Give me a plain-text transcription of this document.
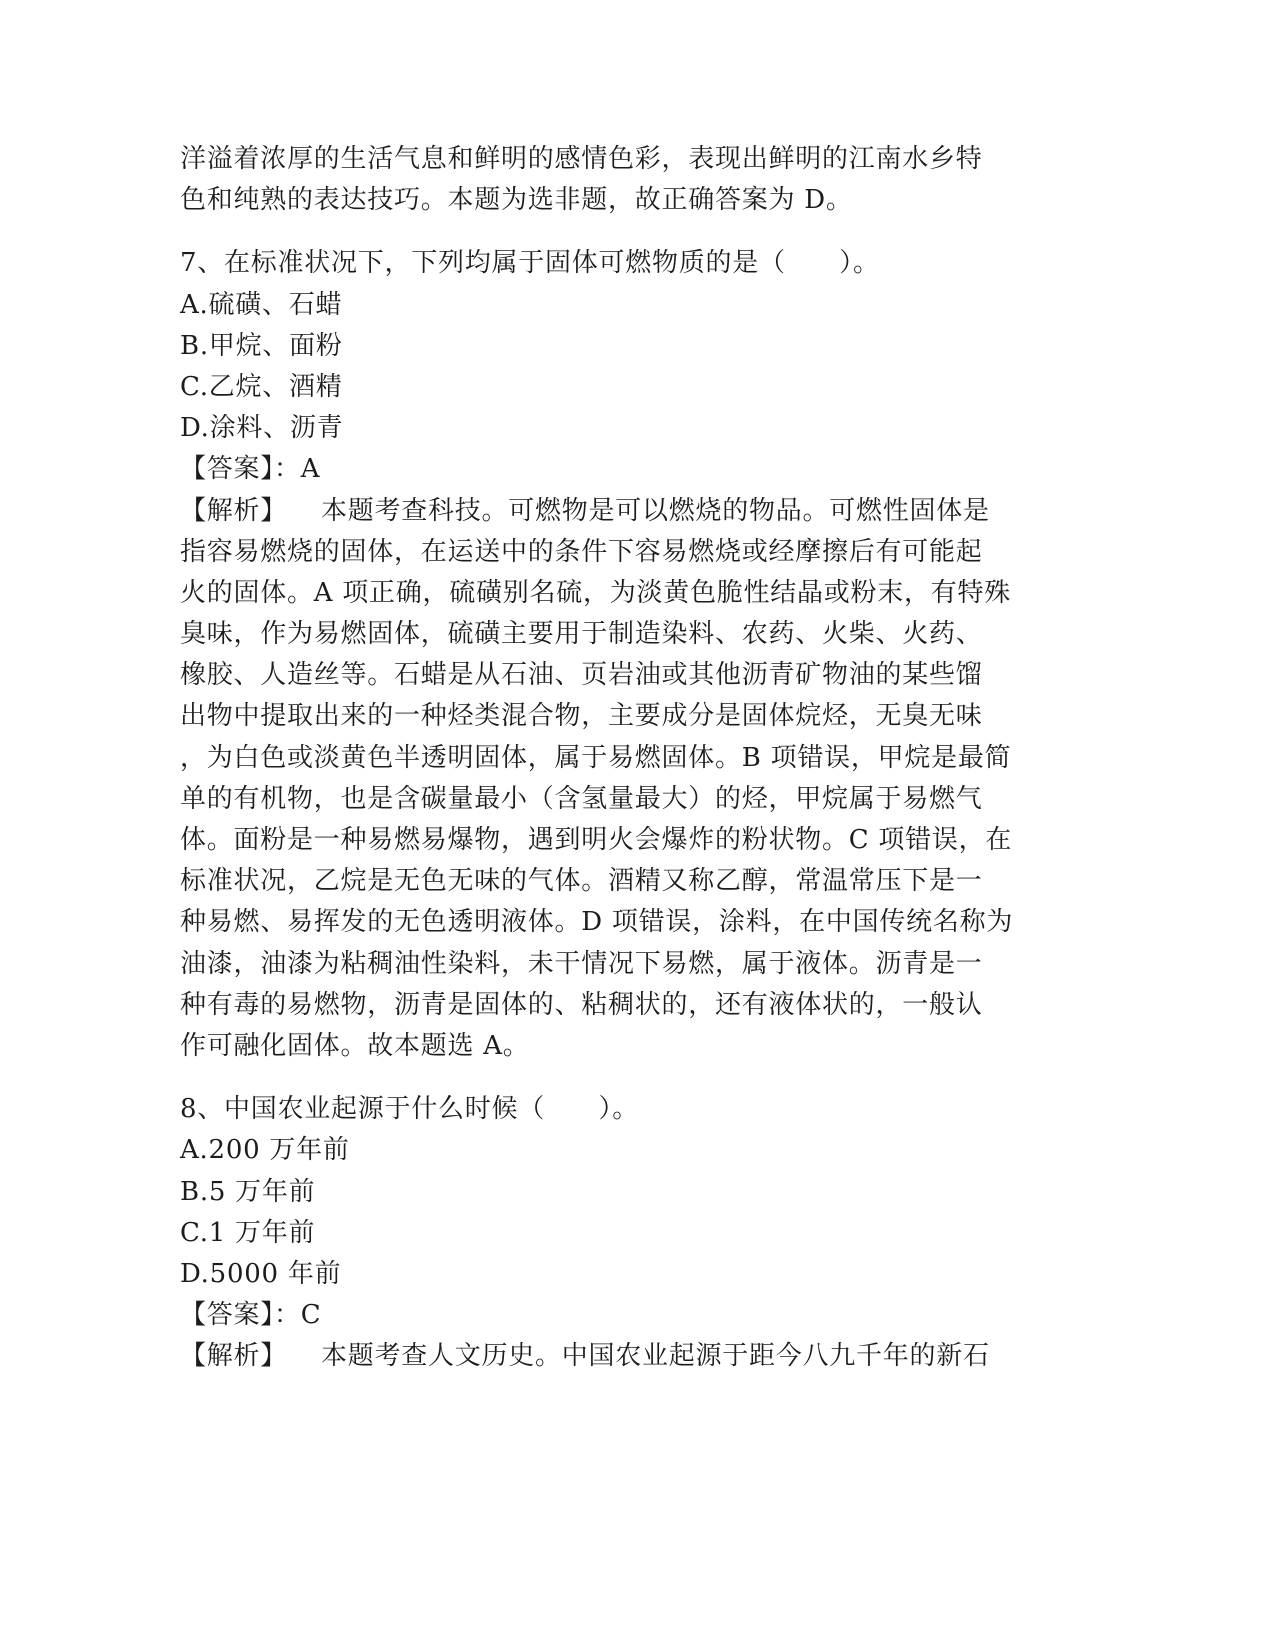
洋溢着浓厚的生活气息和鲜明的感情色彩，表现出鲜明的江南水乡特
色和纯熟的表达技巧。本题为选非题，故正确答案为 D。
7、在标准状况下，下列均属于固体可燃物质的是（　　）。
A.硫磺、石蜡
B.甲烷、面粉
C.乙烷、酒精
D.涂料、沥青
【答案】：A
【解析】 本题考查科技。可燃物是可以燃烧的物品。可燃性固体是
指容易燃烧的固体，在运送中的条件下容易燃烧或经摩擦后有可能起
火的固体。A 项正确，硫磺别名硫，为淡黄色脆性结晶或粉末，有特殊
臭味，作为易燃固体，硫磺主要用于制造染料、农药、火柴、火药、
橡胶、人造丝等。石蜡是从石油、页岩油或其他沥青矿物油的某些馏
出物中提取出来的一种烃类混合物，主要成分是固体烷烃，无臭无味
，为白色或淡黄色半透明固体，属于易燃固体。B 项错误，甲烷是最简
单的有机物，也是含碳量最小（含氢量最大）的烃，甲烷属于易燃气
体。面粉是一种易燃易爆物，遇到明火会爆炸的粉状物。C 项错误，在
标准状况，乙烷是无色无味的气体。酒精又称乙醇，常温常压下是一
种易燃、易挥发的无色透明液体。D 项错误，涂料，在中国传统名称为
油漆，油漆为粘稠油性染料，未干情况下易燃，属于液体。沥青是一
种有毒的易燃物，沥青是固体的、粘稠状的，还有液体状的，一般认
作可融化固体。故本题选 A。
8、中国农业起源于什么时候（　　）。
A.200 万年前
B.5 万年前
C.1 万年前
D.5000 年前
【答案】：C
【解析】 本题考查人文历史。中国农业起源于距今八九千年的新石
